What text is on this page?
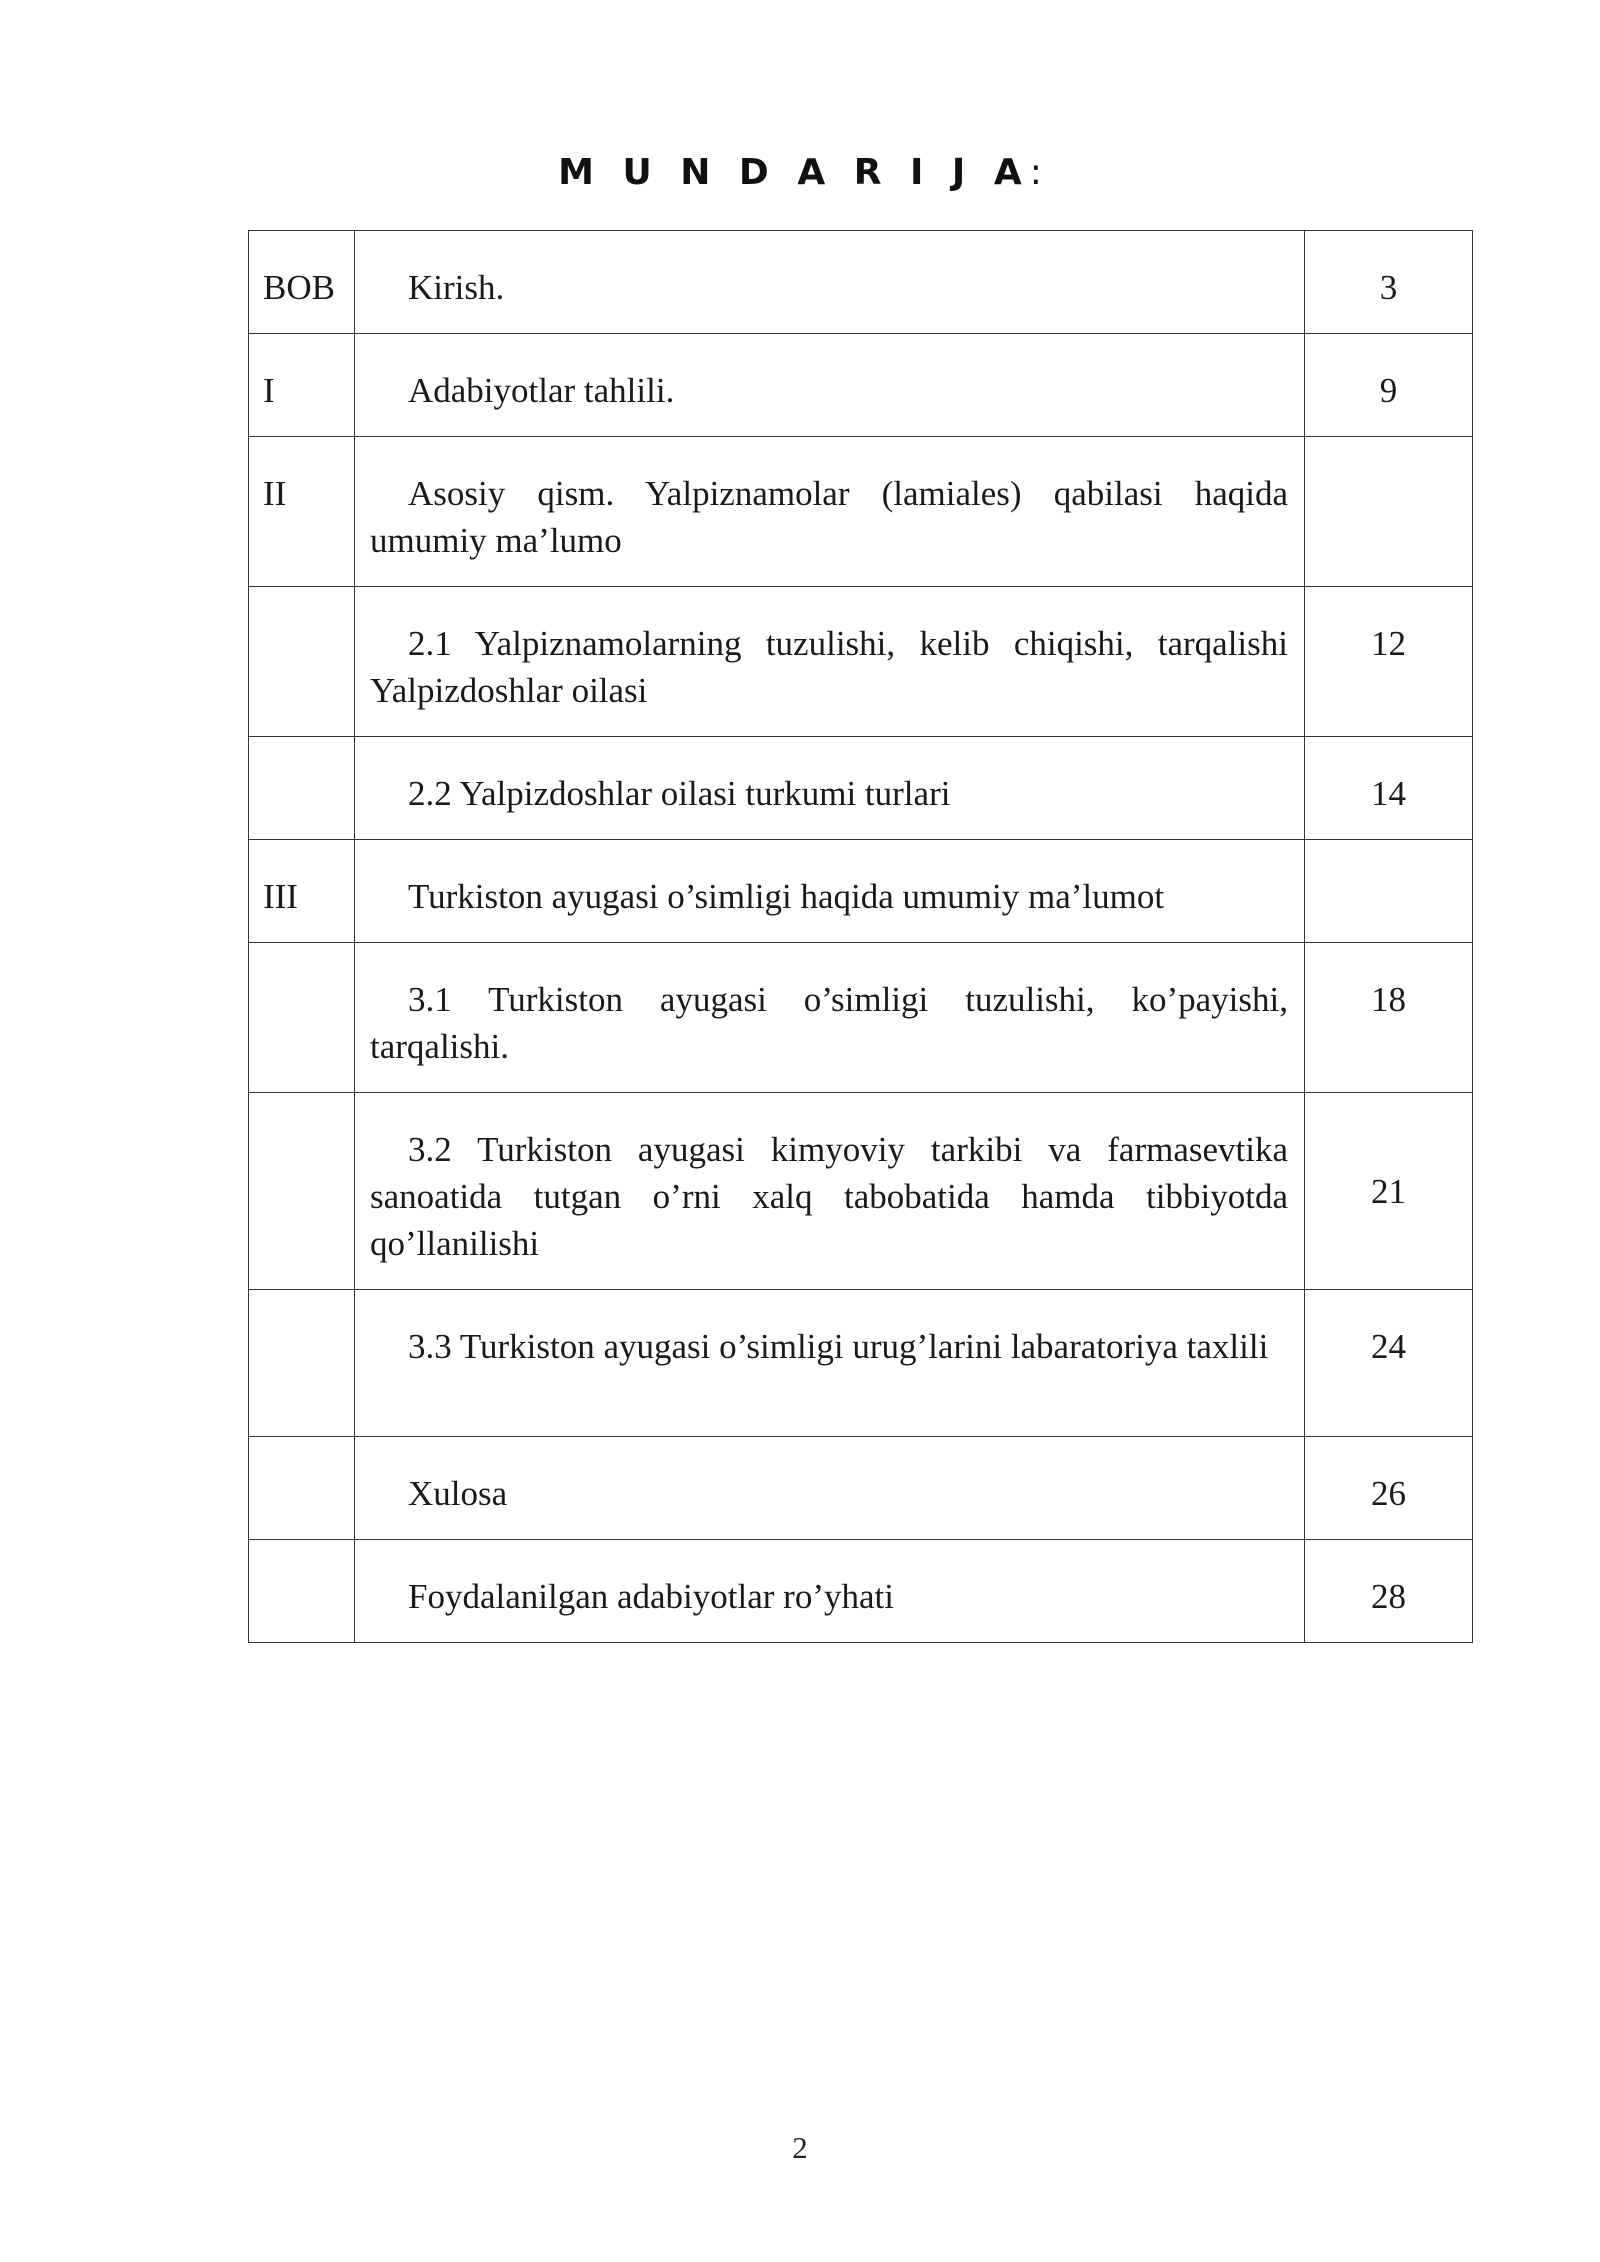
M U N D A R I J A:
BOB	Kirish.	3
I	Adabiyotlar tahlili.	9
II	Asosiy qism. Yalpiznamolar (lamiales) qabilasi haqida umumiy ma’lumo	
	2.1 Yalpiznamolarning tuzulishi, kelib chiqishi, tarqalishi Yalpizdoshlar oilasi	12
	2.2 Yalpizdoshlar oilasi turkumi turlari	14
III	Turkiston ayugasi o’simligi haqida umumiy ma’lumot	
	3.1 Turkiston ayugasi o’simligi tuzulishi, ko’payishi, tarqalishi.	18
	3.2 Turkiston ayugasi kimyoviy tarkibi va farmasevtika sanoatida tutgan o’rni xalq tabobatida hamda tibbiyotda qo’llanilishi	21
	3.3 Turkiston ayugasi o’simligi urug’larini labaratoriya taxlili	24
	Xulosa	26
	Foydalanilgan adabiyotlar ro’yhati	28

2
